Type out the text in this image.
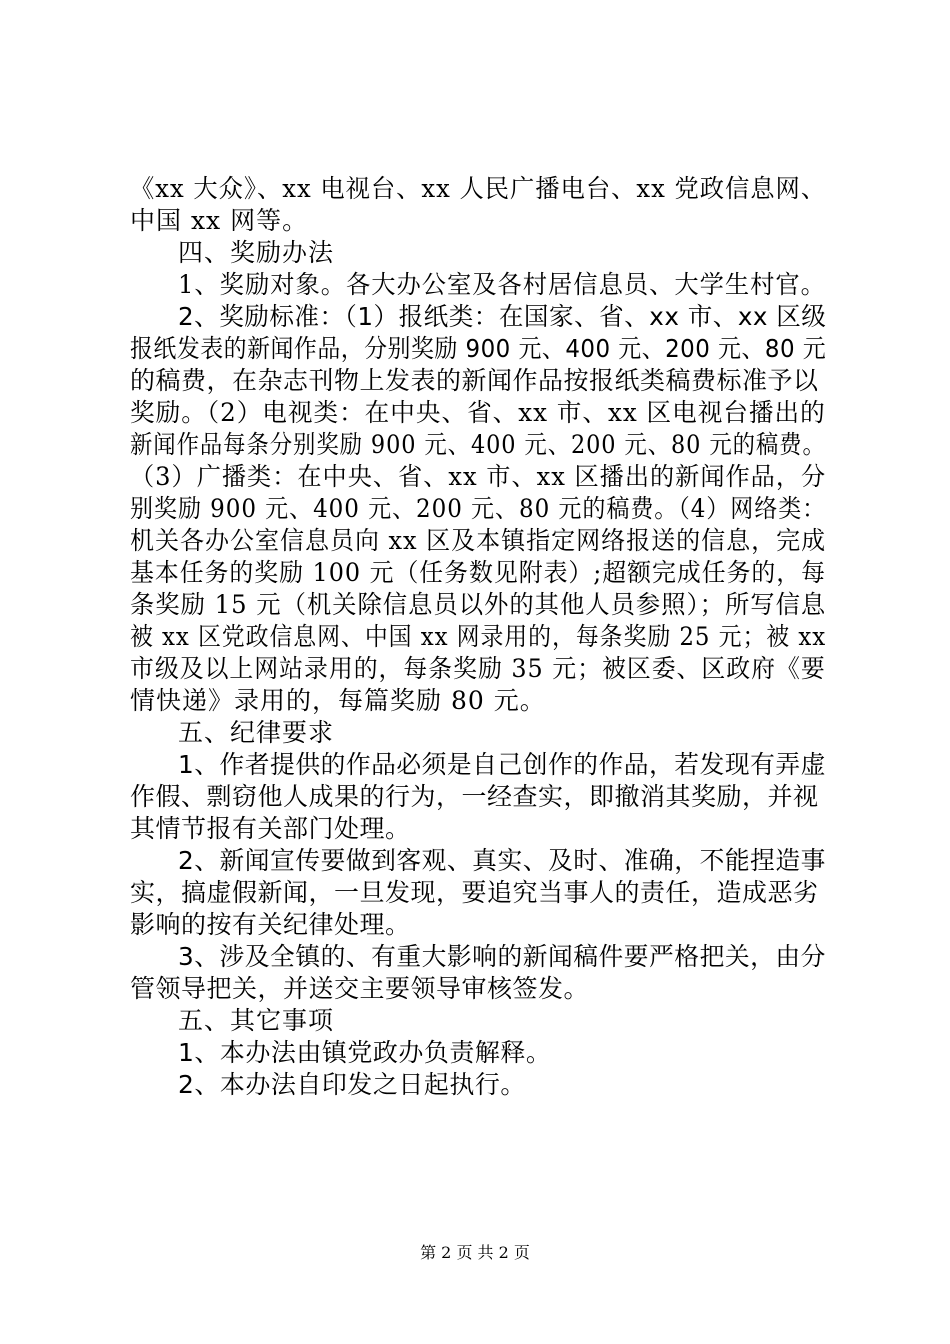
《xx 大众》、xx 电视台、xx 人民广播电台、xx 党政信息网、
中国 xx 网等。
四、奖励办法
1、奖励对象。各大办公室及各村居信息员、大学生村官。
2、奖励标准：（1）报纸类：在国家、省、xx 市、xx 区级
报纸发表的新闻作品，分别奖励 900 元、400 元、200 元、80 元
的稿费，在杂志刊物上发表的新闻作品按报纸类稿费标准予以
奖励。（2）电视类：在中央、省、xx 市、xx 区电视台播出的
新闻作品每条分别奖励 900 元、400 元、200 元、80 元的稿费。
（3）广播类：在中央、省、xx 市、xx 区播出的新闻作品，分
别奖励 900 元、400 元、200 元、80 元的稿费。（4）网络类：
机关各办公室信息员向 xx 区及本镇指定网络报送的信息，完成
基本任务的奖励 100 元（任务数见附表）;超额完成任务的，每
条奖励 15 元（机关除信息员以外的其他人员参照）；所写信息
被 xx 区党政信息网、中国 xx 网录用的，每条奖励 25 元；被 xx
市级及以上网站录用的，每条奖励 35 元；被区委、区政府《要
情快递》录用的，每篇奖励 80 元。
五、纪律要求
1、作者提供的作品必须是自己创作的作品，若发现有弄虚
作假、剽窃他人成果的行为，一经查实，即撤消其奖励，并视
其情节报有关部门处理。
2、新闻宣传要做到客观、真实、及时、准确，不能捏造事
实，搞虚假新闻，一旦发现，要追究当事人的责任，造成恶劣
影响的按有关纪律处理。
3、涉及全镇的、有重大影响的新闻稿件要严格把关，由分
管领导把关，并送交主要领导审核签发。
五、其它事项
1、本办法由镇党政办负责解释。
2、本办法自印发之日起执行。
第 2 页 共 2 页
